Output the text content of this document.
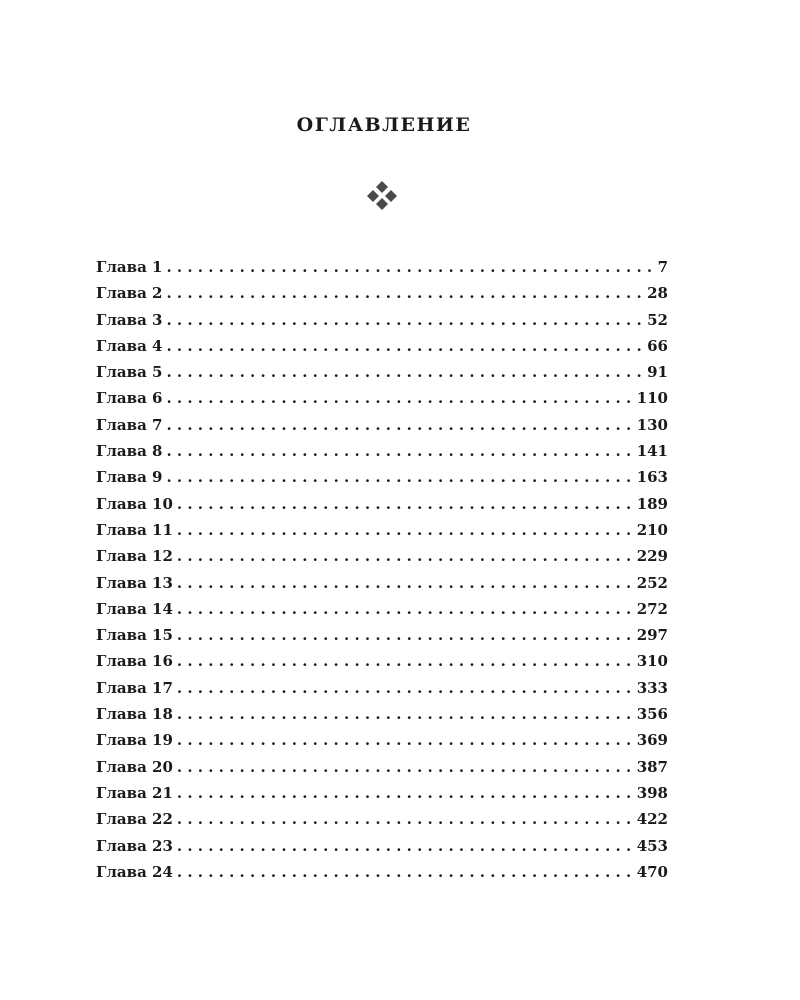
ОГЛАВЛЕНИЕ
Глава 1 . . .	7
Глава 2 . . .	28
Глава 3 . . .	52
Глава 4 . . .	66
Глава 5 . . .	91
Глава 6 . . .	110
Глава 7 . . .	130
Глава 8 . . .	141
Глава 9 . . .	163
Глава 10 . . .	189
Глава 11 . . .	210
Глава 12 . . .	229
Глава 13 . . .	252
Глава 14 . . .	272
Глава 15 . . .	297
Глава 16 . . .	310
Глава 17 . . .	333
Глава 18 . . .	356
Глава 19 . . .	369
Глава 20 . . .	387
Глава 21 . . .	398
Глава 22 . . .	422
Глава 23 . . .	453
Глава 24 . . .	470
